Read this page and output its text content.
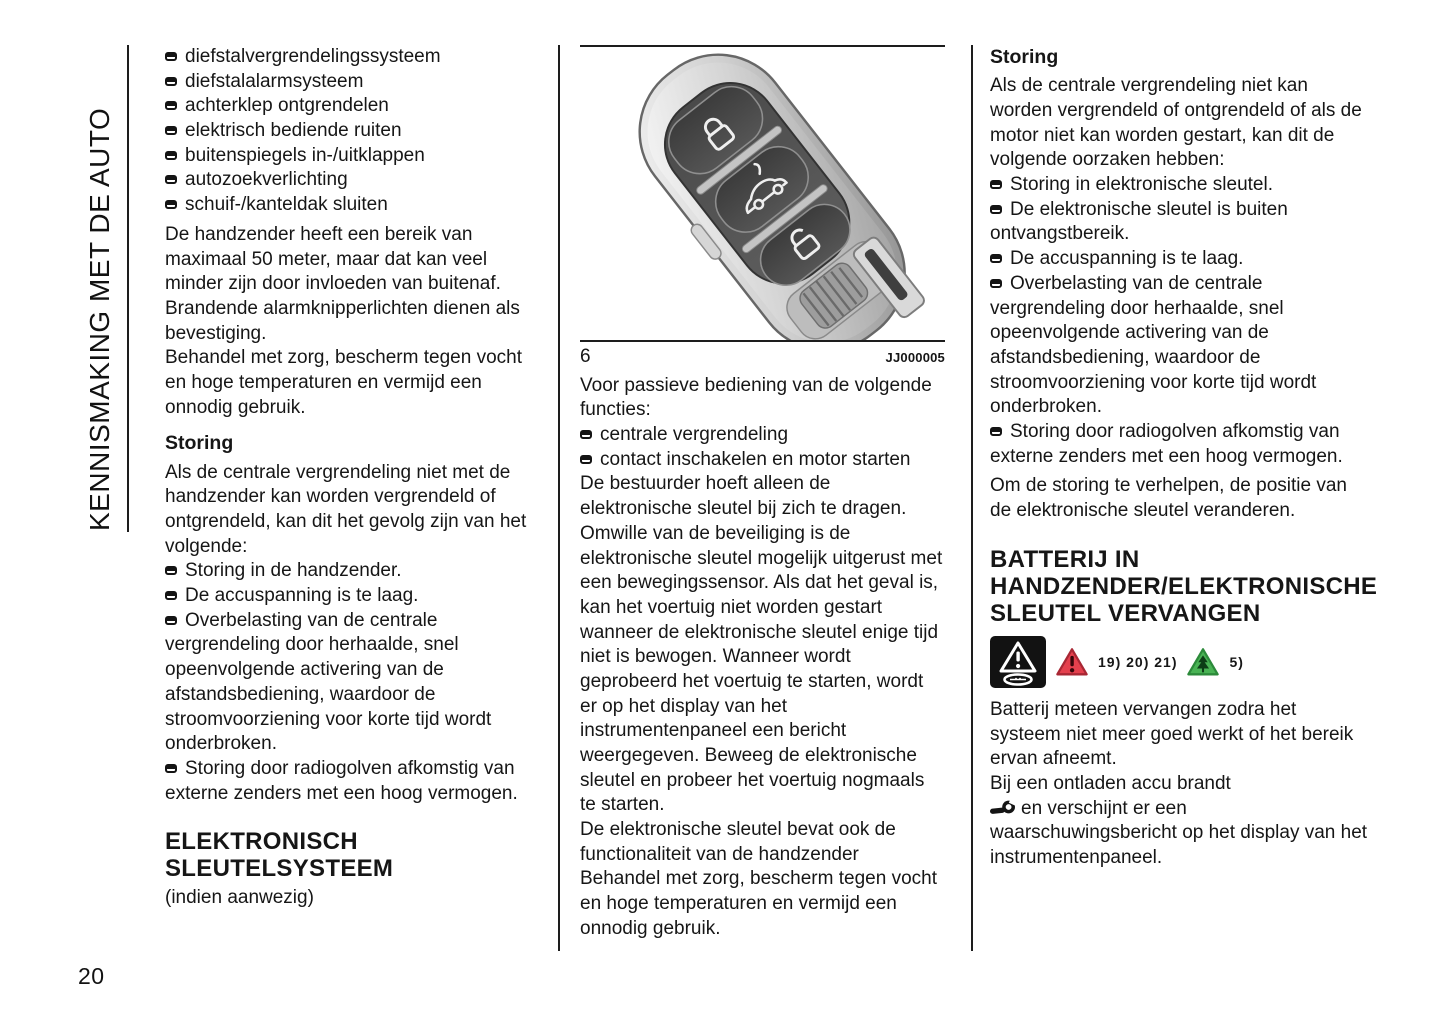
KENNISMAKING MET DE AUTO

diefstalvergrendelingssysteem

diefstalalarmsysteem

achterklep ontgrendelen

elektrisch bediende ruiten

buitenspiegels in-/uitklappen

autozoekverlichting

schuif-/kanteldak sluiten

De handzender heeft een bereik van maximaal 50 meter, maar dat kan veel minder zijn door invloeden van buitenaf. Brandende alarmknipperlichten dienen als bevestiging.

Behandel met zorg, bescherm tegen vocht en hoge temperaturen en vermijd een onnodig gebruik.

Storing

Als de centrale vergrendeling niet met de handzender kan worden vergrendeld of ontgrendeld, kan dit het gevolg zijn van het volgende:

Storing in de handzender.

De accuspanning is te laag.

Overbelasting van de centrale vergrendeling door herhaalde, snel opeenvolgende activering van de afstandsbediening, waardoor de stroomvoorziening voor korte tijd wordt onderbroken.

Storing door radiogolven afkomstig van externe zenders met een hoog vermogen.

ELEKTRONISCH SLEUTELSYSTEEM

(indien aanwezig)

6	JJ000005

Voor passieve bediening van de volgende functies:

centrale vergrendeling

contact inschakelen en motor starten

De bestuurder hoeft alleen de elektronische sleutel bij zich te dragen.

Omwille van de beveiliging is de elektronische sleutel mogelijk uitgerust met een bewegingssensor. Als dat het geval is, kan het voertuig niet worden gestart wanneer de elektronische sleutel enige tijd niet is bewogen. Wanneer wordt geprobeerd het voertuig te starten, wordt er op het display van het instrumentenpaneel een bericht weergegeven. Beweeg de elektronische sleutel en probeer het voertuig nogmaals te starten.

De elektronische sleutel bevat ook de functionaliteit van de handzender

Behandel met zorg, bescherm tegen vocht en hoge temperaturen en vermijd een onnodig gebruik.

Storing

Als de centrale vergrendeling niet kan worden vergrendeld of ontgrendeld of als de motor niet kan worden gestart, kan dit de volgende oorzaken hebben:

Storing in elektronische sleutel.

De elektronische sleutel is buiten ontvangstbereik.

De accuspanning is te laag.

Overbelasting van de centrale vergrendeling door herhaalde, snel opeenvolgende activering van de afstandsbediening, waardoor de stroomvoorziening voor korte tijd wordt onderbroken.

Storing door radiogolven afkomstig van externe zenders met een hoog vermogen.

Om de storing te verhelpen, de positie van de elektronische sleutel veranderen.

BATTERIJ IN HANDZENDER/ELEKTRONISCHE SLEUTEL VERVANGEN

19) 20) 21)	5)

Batterij meteen vervangen zodra het systeem niet meer goed werkt of het bereik ervan afneemt.

Bij een ontladen accu brandt
en verschijnt er een waarschuwingsbericht op het display van het instrumentenpaneel.

20
